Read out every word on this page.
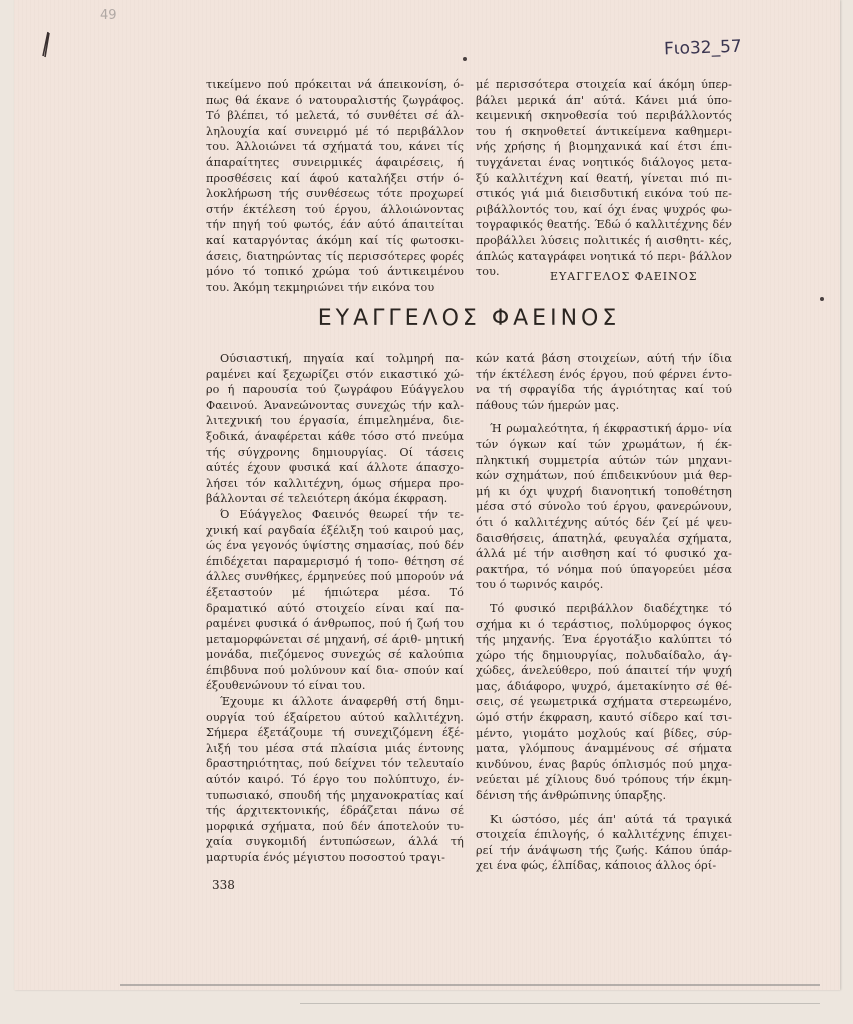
49
Fιο32_57

τικείμενο πού πρόκειται νά άπεικονίση, ό- πως θά έκανε ό νατουραλιστής ζωγράφος. Τό βλέπει, τό μελετά, τό συνθέτει σέ άλ- ληλουχία καί συνειρμό μέ τό περιβάλλον του. Άλλοιώνει τά σχήματά του, κάνει τίς άπαραίτητες συνειρμικές άφαιρέσεις, ή προσθέσεις καί άφού καταλήξει στήν ό- λοκλήρωση τής συνθέσεως τότε προχωρεί στήν έκτέλεση τού έργου, άλλοιώνοντας τήν πηγή τού φωτός, έάν αύτό άπαιτείται καί καταργόντας άκόμη καί τίς φωτοσκι- άσεις, διατηρώντας τίς περισσότερες φορές μόνο τό τοπικό χρώμα τού άντικειμένου του. Άκόμη τεκμηριώνει τήν εικόνα του

μέ περισσότερα στοιχεία καί άκόμη ύπερ- βάλει μερικά άπ' αύτά. Κάνει μιά ύπο- κειμενική σκηνοθεσία τού περιβάλλοντός του ή σκηνοθετεί άντικείμενα καθημερι- νής χρήσης ή βιομηχανικά καί έτσι έπι- τυγχάνεται ένας νοητικός διάλογος μετα- ξύ καλλιτέχνη καί θεατή, γίνεται πιό πι- στικός γιά μιά διεισδυτική εικόνα τού πε- ριβάλλοντός του, καί όχι ένας ψυχρός φω- τογραφικός θεατής. Έδώ ό καλλιτέχνης δέν προβάλλει λύσεις πολιτικές ή αισθητι- κές, άπλώς καταγράφει νοητικά τό περι- βάλλον του.	ΕΥΑΓΓΕΛΟΣ ΦΑΕΙΝΟΣ
ΕΥΑΓΓΕΛΟΣ ΦΑΕΙΝΟΣ

Ούσιαστική, πηγαία καί τολμηρή πα- ραμένει καί ξεχωρίζει στόν εικαστικό χώ- ρο ή παρουσία τού ζωγράφου Εύάγγελου Φαεινού. Άνανεώνοντας συνεχώς τήν καλ- λιτεχνική του έργασία, έπιμελημένα, διε- ξοδικά, άναφέρεται κάθε τόσο στό πνεύμα τής σύγχρονης δημιουργίας. Οί τάσεις αύτές έχουν φυσικά καί άλλοτε άπασχο- λήσει τόν καλλιτέχνη, όμως σήμερα προ- βάλλονται σέ τελειότερη άκόμα έκφραση.

Ό Εύάγγελος Φαεινός θεωρεί τήν τε- χνική καί ραγδαία έξέλιξη τού καιρού μας, ώς ένα γεγονός ύψίστης σημασίας, πού δέν έπιδέχεται παραμερισμό ή τοπο- θέτηση σέ άλλες συνθήκες, έρμηνεύες πού μπορούν νά έξεταστούν μέ ήπιώτερα μέσα. Τό δραματικό αύτό στοιχείο είναι καί πα- ραμένει φυσικά ό άνθρωπος, πού ή ζωή του μεταμορφώνεται σέ μηχανή, σέ άριθ- μητική μονάδα, πιεζόμενος συνεχώς σέ καλούπια έπιβδυνα πού μολύνουν καί δια- σπούν καί έξουθενώνουν τό είναι του.

Έχουμε κι άλλοτε άναφερθή στή δημι- ουργία τού έξαίρετου αύτού καλλιτέχνη. Σήμερα έξετάζουμε τή συνεχιζόμενη έξέ- λιξή του μέσα στά πλαίσια μιάς έντονης δραστηριότητας, πού δείχνει τόν τελευταίο αύτόν καιρό. Τό έργο του πολύπτυχο, έν- τυπωσιακό, σπουδή τής μηχανοκρατίας καί τής άρχιτεκτονικής, έδράζεται πάνω σέ μορφικά σχήματα, πού δέν άποτελούν τυ- χαία συγκομιδή έντυπώσεων, άλλά τή μαρτυρία ένός μέγιστου ποσοστού τραγι-

κών κατά βάση στοιχείων, αύτή τήν ίδια τήν έκτέλεση ένός έργου, πού φέρνει έντο- να τή σφραγίδα τής άγριότητας καί τού πάθους τών ήμερών μας.

Ή ρωμαλεότητα, ή έκφραστική άρμο- νία τών όγκων καί τών χρωμάτων, ή έκ- πληκτική συμμετρία αύτών τών μηχανι- κών σχημάτων, πού έπιδεικνύουν μιά θερ- μή κι όχι ψυχρή διανοητική τοποθέτηση μέσα στό σύνολο τού έργου, φανερώνουν, ότι ό καλλιτέχνης αύτός δέν ζεί μέ ψευ- δαισθήσεις, άπατηλά, φευγαλέα σχήματα, άλλά μέ τήν αισθηση καί τό φυσικό χα- ρακτήρα, τό νόημα πού ύπαγορεύει μέσα του ό τωρινός καιρός.

Τό φυσικό περιβάλλον διαδέχτηκε τό σχήμα κι ό τεράστιος, πολύμορφος όγκος τής μηχανής. Ένα έργοτάξιο καλύπτει τό χώρο τής δημιουργίας, πολυδαίδαλο, άγ- χώδες, άνελεύθερο, πού άπαιτεί τήν ψυχή μας, άδιάφορο, ψυχρό, άμετακίνητο σέ θέ- σεις, σέ γεωμετρικά σχήματα στερεωμένο, ώμό στήν έκφραση, καυτό σίδερο καί τσι- μέντο, γιομάτο μοχλούς καί βίδες, σύρ- ματα, γλόμπους άναμμένους σέ σήματα κινδύνου, ένας βαρύς όπλισμός πού μηχα- νεύεται μέ χίλιους δυό τρόπους τήν έκμη- δένιση τής άνθρώπινης ύπαρξης.

Κι ώστόσο, μές άπ' αύτά τά τραγικά στοιχεία έπιλογής, ό καλλιτέχνης έπιχει- ρεί τήν άνάψωση τής ζωής. Κάπου ύπάρ- χει ένα φώς, έλπίδας, κάποιος άλλος όρί-

338
